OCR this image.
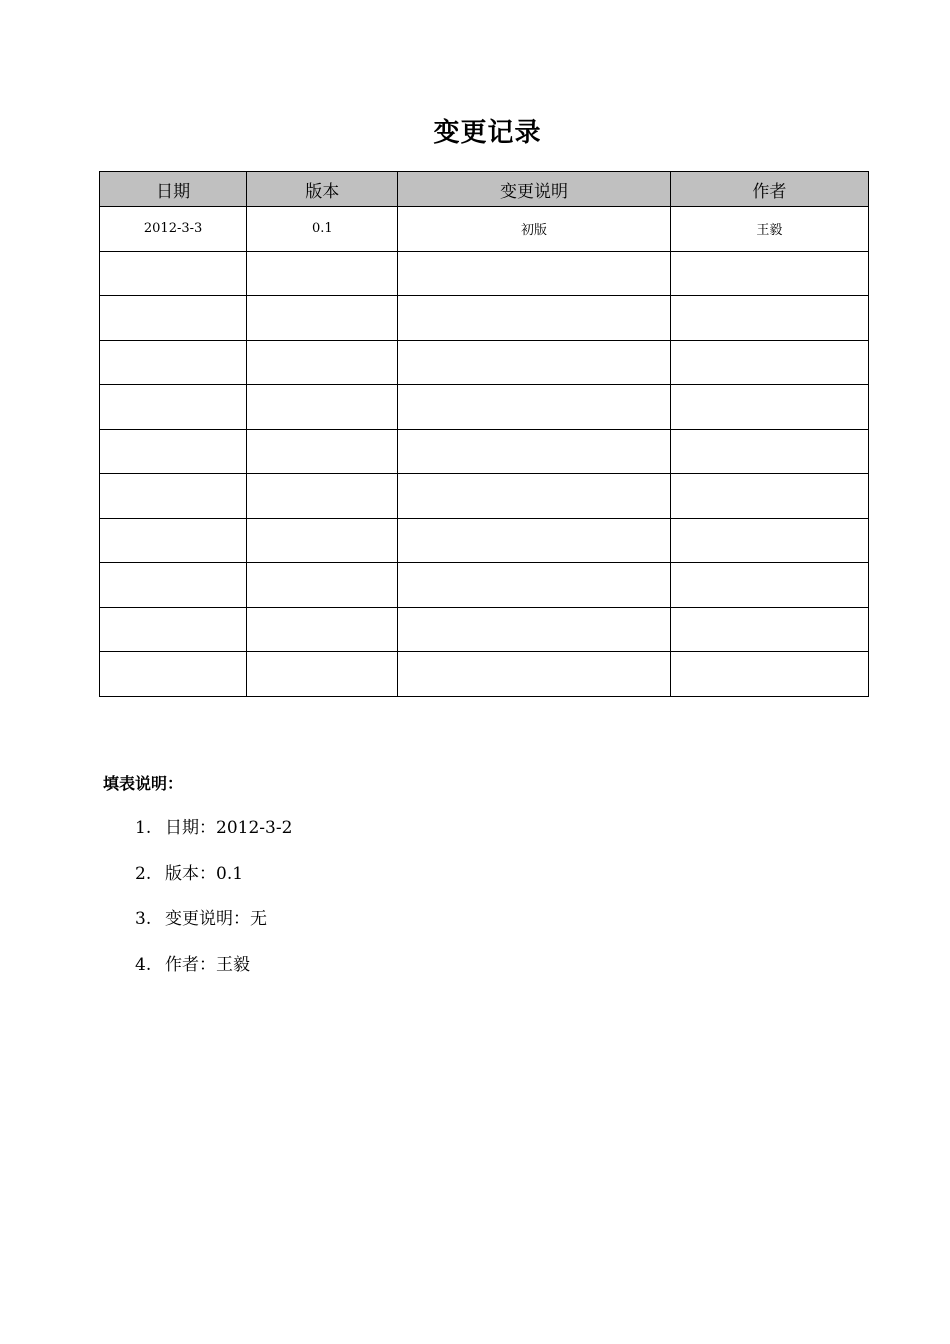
变更记录
日期	版本	变更说明	作者
2012-3-3	0.1	初版	王毅

填表说明：
1. 日期：2012-3-2
2. 版本：0.1
3. 变更说明：无
4. 作者：王毅
